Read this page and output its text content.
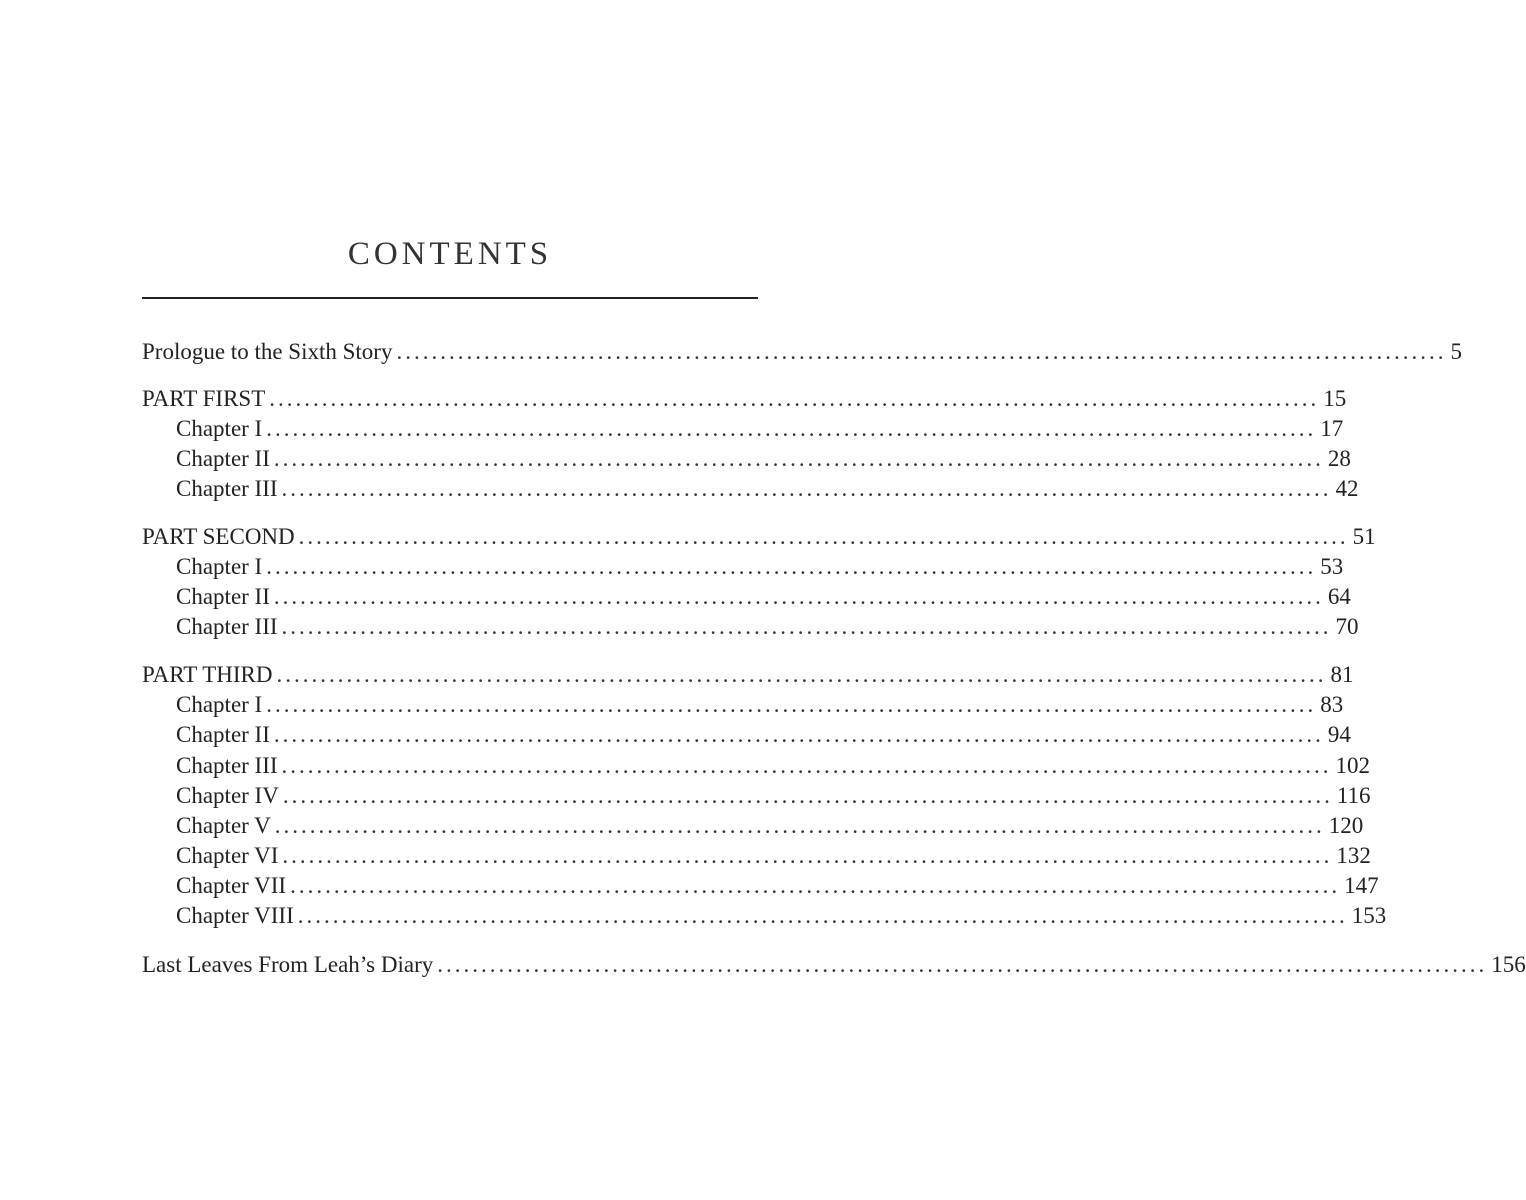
CONTENTS
Prologue to the Sixth Story ........................................................................................................................ 5
PART FIRST ........................................................................................................................ 15
Chapter I ........................................................................................................................ 17
Chapter II ........................................................................................................................ 28
Chapter III ........................................................................................................................ 42
PART SECOND ........................................................................................................................ 51
Chapter I ........................................................................................................................ 53
Chapter II ........................................................................................................................ 64
Chapter III ........................................................................................................................ 70
PART THIRD ........................................................................................................................ 81
Chapter I ........................................................................................................................ 83
Chapter II ........................................................................................................................ 94
Chapter III ........................................................................................................................ 102
Chapter IV ........................................................................................................................ 116
Chapter V ........................................................................................................................ 120
Chapter VI ........................................................................................................................ 132
Chapter VII ........................................................................................................................ 147
Chapter VIII ........................................................................................................................ 153
Last Leaves From Leah’s Diary ........................................................................................................................ 156
